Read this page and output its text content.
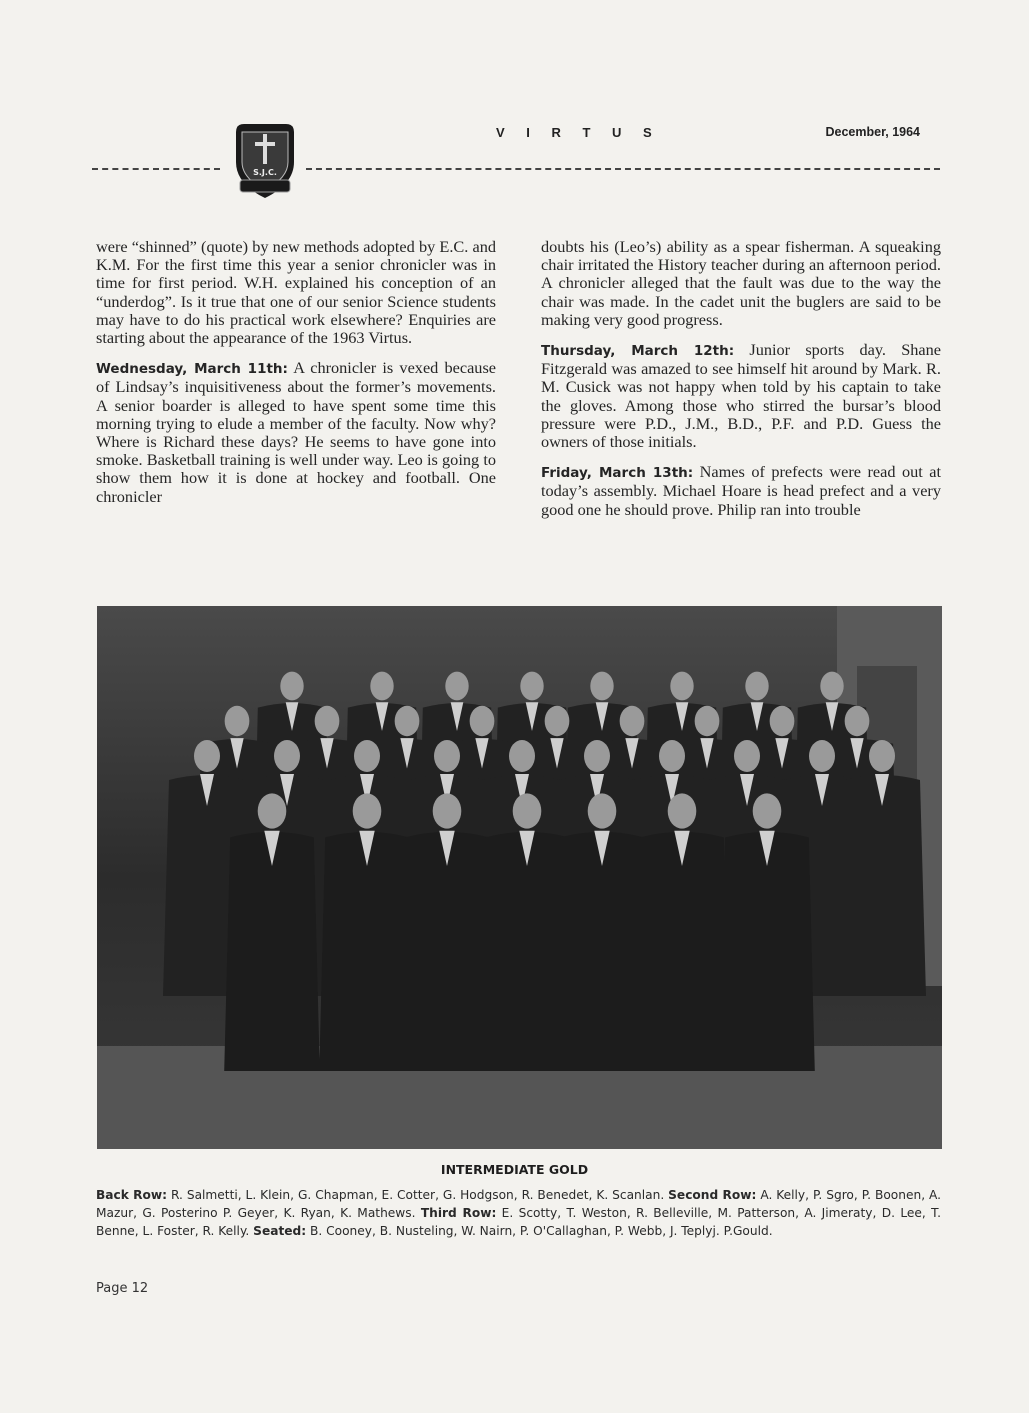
S.J.C.
V I R T U S	December, 1964

were “shinned” (quote) by new methods adopted by E.C. and K.M. For the first time this year a senior chronicler was in time for first period. W.H. explained his conception of an “underdog”. Is it true that one of our senior Science students may have to do his practical work elsewhere? Enquiries are starting about the appearance of the 1963 Virtus.

Wednesday, March 11th: A chronicler is vexed because of Lindsay’s inquisitiveness about the former’s movements. A senior boarder is alleged to have spent some time this morning trying to elude a member of the faculty. Now why? Where is Richard these days? He seems to have gone into smoke. Basketball training is well under way. Leo is going to show them how it is done at hockey and football. One chronicler

doubts his (Leo’s) ability as a spear fisherman. A squeaking chair irritated the History teacher during an afternoon period. A chronicler alleged that the fault was due to the way the chair was made. In the cadet unit the buglers are said to be making very good progress.

Thursday, March 12th: Junior sports day. Shane Fitzgerald was amazed to see himself hit around by Mark. R. M. Cusick was not happy when told by his captain to take the gloves. Among those who stirred the bursar’s blood pressure were P.D., J.M., B.D., P.F. and P.D. Guess the owners of those initials.

Friday, March 13th: Names of prefects were read out at today’s assembly. Michael Hoare is head prefect and a very good one he should prove. Philip ran into trouble

INTERMEDIATE GOLD
Back Row: R. Salmetti, L. Klein, G. Chapman, E. Cotter, G. Hodgson, R. Benedet, K. Scanlan. Second Row: A. Kelly, P. Sgro, P. Boonen, A. Mazur, G. Posterino P. Geyer, K. Ryan, K. Mathews. Third Row: E. Scotty, T. Weston, R. Belleville, M. Patterson, A. Jimeraty, D. Lee, T. Benne, L. Foster, R. Kelly. Seated: B. Cooney, B. Nusteling, W. Nairn, P. O'Callaghan, P. Webb, J. Teplyj. P.Gould.
Page 12
